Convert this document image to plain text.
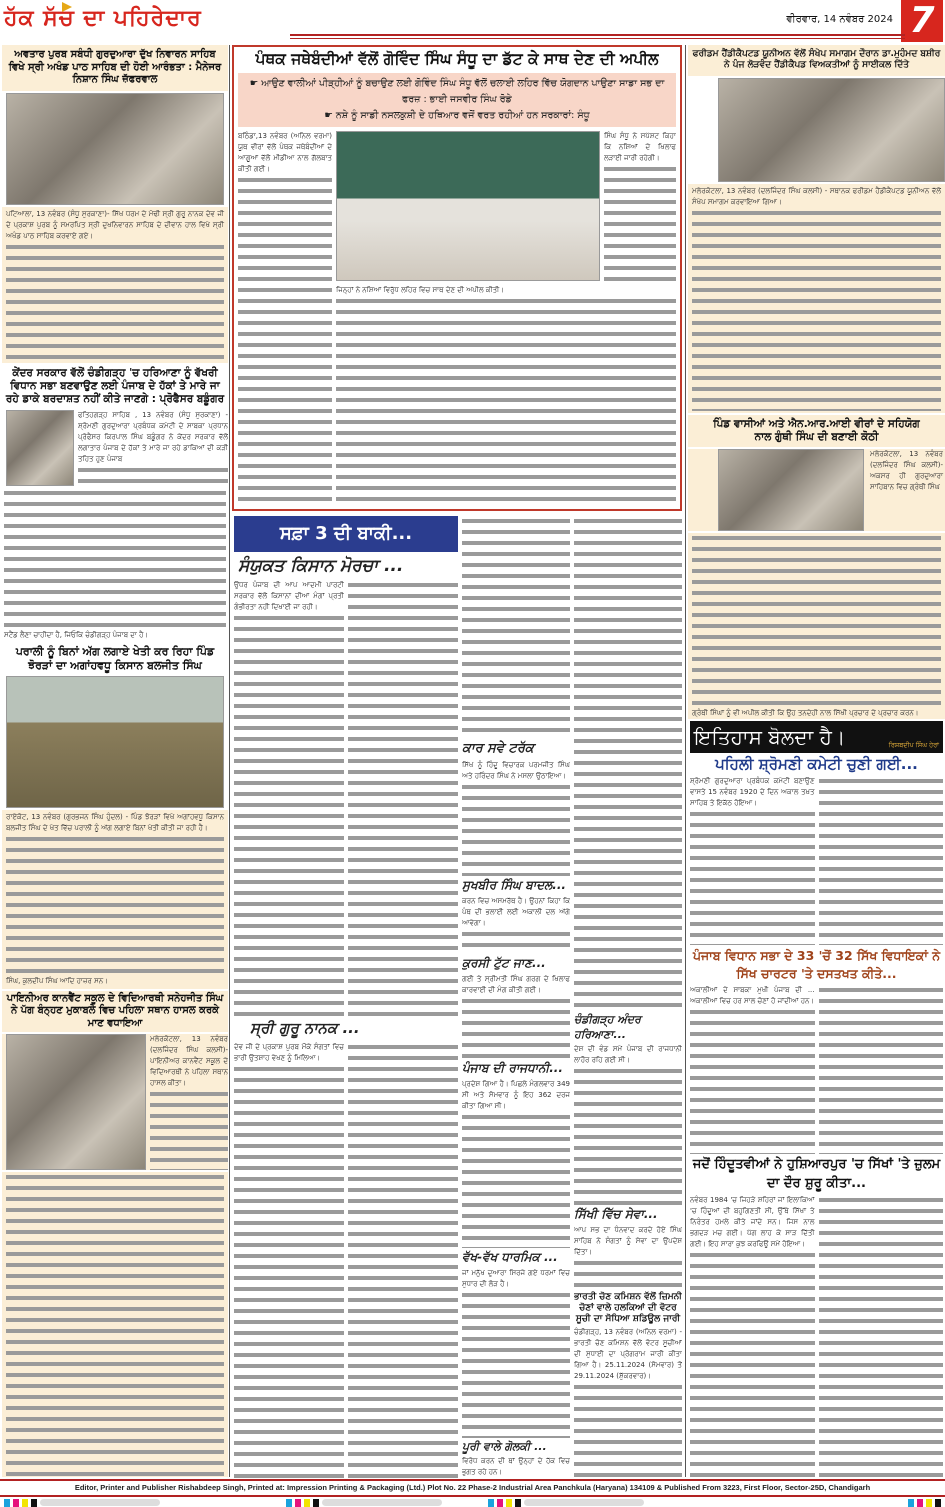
ਹੱਕ ਸੱਚ ਦਾ ਪਹਿਰੇਦਾਰ	ਵੀਰਵਾਰ, 14 ਨਵੰਬਰ 2024 7
ਅਵਤਾਰ ਪੁਰਬ ਸਬੰਧੀ ਗੁਰਦੁਆਰਾ ਦੁੱਖ ਨਿਵਾਰਨ ਸਾਹਿਬ ਵਿਖੇ ਸ੍ਰੀ ਅਖੰਡ ਪਾਠ ਸਾਹਿਬ ਦੀ ਹੋਈ ਆਰੰਭਤਾ : ਮੈਨੇਜਰ ਨਿਸ਼ਾਨ ਸਿੰਘ ਜ਼ੱਫਰਵਾਲ

ਪਟਿਆਲਾ, 13 ਨਵੰਬਰ (ਸੰਧੂ ਸੁਰਕਾਣਾ)- ਸਿੱਖ ਧਰਮ ਦੇ ਮੋਢੀ ਸ੍ਰੀ ਗੁਰੂ ਨਾਨਕ ਦੇਵ ਜੀ ਦੇ ਪ੍ਰਕਾਸ਼ ਪੁਰਬ ਨੂੰ ਸਮਰਪਿਤ ਸ੍ਰੀ ਦੁਖਨਿਵਾਰਨ ਸਾਹਿਬ ਦੇ ਦੀਵਾਨ ਹਾਲ ਵਿਖੇ ਸ੍ਰੀ ਅਖੰਡ ਪਾਠ ਸਾਹਿਬ ਕਰਵਾਏ ਗਏ।

ਕੇਂਦਰ ਸਰਕਾਰ ਵੱਲੋਂ ਚੰਡੀਗੜ੍ਹ 'ਚ ਹਰਿਆਣਾ ਨੂੰ ਵੱਖਰੀ ਵਿਧਾਨ ਸਭਾ ਬਣਵਾਉਣ ਲਈ ਪੰਜਾਬ ਦੇ ਹੱਕਾਂ ਤੇ ਮਾਰੇ ਜਾ ਰਹੇ ਡਾਕੇ ਬਰਦਾਸ਼ਤ ਨਹੀਂ ਕੀਤੇ ਜਾਣਗੇ : ਪ੍ਰੋਫੈਸਰ ਬਡੂੰਗਰ

ਫਤਿਹਗੜ੍ਹ ਸਾਹਿਬ , 13 ਨਵੰਬਰ (ਸੰਧੂ ਸੁਰਕਾਣਾ) - ਸ਼੍ਰੋਮਣੀ ਗੁਰਦੁਆਰਾ ਪ੍ਰਬੰਧਕ ਕਮੇਟੀ ਦੇ ਸਾਬਕਾ ਪ੍ਰਧਾਨ ਪ੍ਰੋਫੈਸਰ ਕਿਰਪਾਲ ਸਿੰਘ ਬਡੂੰਗਰ ਨੇ ਕੇਂਦਰ ਸਰਕਾਰ ਵੱਲੋਂ ਲਗਾਤਾਰ ਪੰਜਾਬ ਦੇ ਹੱਕਾਂ ਤੇ ਮਾਰੇ ਜਾ ਰਹੇ ਡਾਕਿਆਂ ਦੀ ਕੜੀ ਤਹਿਤ ਹੁਣ ਪੰਜਾਬ

ਸਟੈਂਡ ਲੈਣਾ ਚਾਹੀਦਾ ਹੈ, ਜਿਓਕਿ ਚੰਡੀਗੜ੍ਹ ਪੰਜਾਬ ਦਾ ਹੈ।

ਪਰਾਲੀ ਨੂੰ ਬਿਨਾਂ ਅੱਗ ਲਗਾਏ ਖੇਤੀ ਕਰ ਰਿਹਾ ਪਿੰਡ ਝੋਰੜਾਂ ਦਾ ਅਗਾਂਹਵਧੂ ਕਿਸਾਨ ਬਲਜੀਤ ਸਿੰਘ

ਰਾਏਕੋਟ, 13 ਨਵੰਬਰ (ਗੁਰਭਜਨ ਸਿੰਘ ਹੁੰਦਲ) - ਪਿੰਡ ਝੋਰੜਾਂ ਵਿਖੇ ਅਗਾਂਹਵਧੂ ਕਿਸਾਨ ਬਲਜੀਤ ਸਿੰਘ ਦੇ ਖੇਤ ਵਿੱਚ ਪਰਾਲੀ ਨੂੰ ਅੱਗ ਲਗਾਏ ਬਿਨਾਂ ਖੇਤੀ ਕੀਤੀ ਜਾ ਰਹੀ ਹੈ।

ਸਿੰਘ, ਕੁਲਦੀਪ ਸਿੰਘ ਆਦਿ ਹਾਜ਼ਰ ਸਨ।

ਪਾਇਨੀਅਰ ਕਾਨਵੈਂਟ ਸਕੂਲ ਦੇ ਵਿਦਿਆਰਥੀ ਸਨੇਹਜੀਤ ਸਿੰਘ ਨੇ ਪੱਗ ਬੰਨ੍ਹਣ ਮੁਕਾਬਲੇ ਵਿਚ ਪਹਿਲਾ ਸਥਾਨ ਹਾਸਲ ਕਰਕੇ ਮਾਣ ਵਧਾਇਆ

ਮਲੇਰਕੋਟਲਾ, 13 ਨਵੰਬਰ (ਦਲਜਿੰਦਰ ਸਿੰਘ ਕਲਸੀ)- ਪਾਇਨੀਅਰ ਕਾਨਵੈਂਟ ਸਕੂਲ ਦੇ ਵਿਦਿਆਰਥੀ ਨੇ ਪਹਿਲਾ ਸਥਾਨ ਹਾਸਲ ਕੀਤਾ।

ਪੰਥਕ ਜਥੇਬੰਦੀਆਂ ਵੱਲੋਂ ਗੋਵਿੰਦ ਸਿੰਘ ਸੰਧੂ ਦਾ ਡੱਟ ਕੇ ਸਾਥ ਦੇਣ ਦੀ ਅਪੀਲ
☛ ਆਉਣ ਵਾਲੀਆਂ ਪੀੜ੍ਹੀਆਂ ਨੂੰ ਬਚਾਉਣ ਲਈ ਗੋਵਿੰਦ ਸਿੰਘ ਸੰਧੂ ਵੱਲੋਂ ਚਲਾਈ ਲਹਿਰ ਵਿੱਚ ਯੋਗਦਾਨ ਪਾਉਣਾ ਸਾਡਾ ਸਭ ਦਾ ਫਰਜ਼ : ਭਾਈ ਜਸਵੀਰ ਸਿੰਘ ਰੋਡੇ
☛ ਨਸ਼ੇ ਨੂੰ ਸਾਡੀ ਨਸਲਕੁਸ਼ੀ ਦੇ ਹਥਿਆਰ ਵਜੋਂ ਵਰਤ ਰਹੀਆਂ ਹਨ ਸਰਕਾਰਾਂ: ਸੰਧੂ

ਬਠਿੰਡਾ,13 ਨਵੰਬਰ (ਅਨਿਲ ਵਰਮਾ) ਯੂਥ ਵੀਰਾਂ ਵੱਲੋਂ ਪੰਥਕ ਜਥੇਬੰਦੀਆਂ ਦੇ ਆਗੂਆਂ ਵੱਲੋਂ ਮੀਡੀਆ ਨਾਲ ਗੱਲਬਾਤ ਕੀਤੀ ਗਈ।

ਸਿੰਘ ਸੰਧੂ ਨੇ ਸਪੱਸ਼ਟ ਕਿਹਾ ਕਿ ਨਸ਼ਿਆਂ ਦੇ ਖਿਲਾਫ ਲੜਾਈ ਜਾਰੀ ਰਹੇਗੀ।

ਜਿਨ੍ਹਾਂ ਨੇ ਨਸ਼ਿਆਂ ਵਿਰੁੱਧ ਲਹਿਰ ਵਿਚ ਸਾਥ ਦੇਣ ਦੀ ਅਪੀਲ ਕੀਤੀ।

ਸਫ਼ਾ 3 ਦੀ ਬਾਕੀ...
ਸੰਯੁਕਤ ਕਿਸਾਨ ਮੋਰਚਾ ...

ਉਧਰ ਪੰਜਾਬ ਦੀ ਆਪ ਆਦਮੀ ਪਾਰਟੀ ਸਰਕਾਰ ਵੱਲੋਂ ਕਿਸਾਨਾਂ ਦੀਆਂ ਮੰਗਾਂ ਪ੍ਰਤੀ ਗੰਭੀਰਤਾ ਨਹੀਂ ਦਿਖਾਈ ਜਾ ਰਹੀ।

ਸ੍ਰੀ ਗੁਰੂ ਨਾਨਕ ...

ਦੇਵ ਜੀ ਦੇ ਪ੍ਰਕਾਸ਼ ਪੁਰਬ ਮੌਕੇ ਸੰਗਤਾਂ ਵਿਚ ਭਾਰੀ ਉਤਸ਼ਾਹ ਵੇਖਣ ਨੂੰ ਮਿਲਿਆ।

ਕਾਰ ਸਵੇ ਟਰੱਕ

ਸਿੱਖ ਨੂੰ ਹਿੰਦੂ ਵਿਚਾਰਕ ਪਰਮਜੀਤ ਸਿੰਘ ਅਤੇ ਹਰਿੰਦਰ ਸਿੰਘ ਨੇ ਮਸਲਾ ਉਠਾਇਆ।

ਸੁਖਬੀਰ ਸਿੰਘ ਬਾਦਲ...

ਕਰਨ ਵਿਚ ਅਸਮਰੱਥ ਹੈ। ਉਹਨਾਂ ਕਿਹਾ ਕਿ ਪੰਥ ਦੀ ਭਲਾਈ ਲਈ ਅਕਾਲੀ ਦਲ ਅੱਗੇ ਆਵੇਗਾ।

ਕੁਰਸੀ ਟੁੱਟ ਜਾਣ...

ਗਈ ਤੇ ਸ੍ਰੀਮਤੀ ਸਿੰਘ ਗਰਗ ਦੇ ਖਿਲਾਫ ਕਾਰਵਾਈ ਦੀ ਮੰਗ ਕੀਤੀ ਗਈ।

ਪੰਜਾਬ ਦੀ ਰਾਜਧਾਨੀ...

ਪ੍ਰਦੇਸ਼ ਗਿਆ ਹੈ। ਪਿਛਲੇ ਮੰਗਲਵਾਰ 349 ਸੀ ਅਤੇ ਸੋਮਵਾਰ ਨੂੰ ਇਹ 362 ਦਰਜ ਕੀਤਾ ਗਿਆ ਸੀ।

ਵੱਖ-ਵੱਖ ਧਾਰਮਿਕ ...

ਜਾਂ ਮਨੁੱਖ ਦੁਆਰਾ ਸਿਰਜੇ ਗਏ ਧਰਮਾਂ ਵਿਚ ਸੁਧਾਰ ਦੀ ਲੋੜ ਹੈ।

ਪੂਰੀ ਵਾਲੇ ਗੋਲਕੀ ...

ਵਿਰੋਧ ਕਰਨ ਦੀ ਥਾਂ ਉਨ੍ਹਾਂ ਦੇ ਹੱਕ ਵਿਚ ਭੁਗਤ ਰਹੇ ਹਨ।

ਚੰਡੀਗੜ੍ਹ ਅੰਦਰ ਹਰਿਆਣਾ...

ਦੇਸ਼ ਦੀ ਵੰਡ ਸਮੇਂ ਪੰਜਾਬ ਦੀ ਰਾਜਧਾਨੀ ਲਾਹੌਰ ਰਹਿ ਗਈ ਸੀ।

ਸਿੱਖੀ ਵਿੱਚ ਸੇਵਾ...

ਆਪ ਸਭ ਦਾ ਧੰਨਵਾਦ ਕਰਦੇ ਹੋਏ ਸਿੰਘ ਸਾਹਿਬ ਨੇ ਸੰਗਤਾਂ ਨੂੰ ਸੇਵਾ ਦਾ ਉਪਦੇਸ਼ ਦਿੱਤਾ।

ਭਾਰਤੀ ਚੋਣ ਕਮਿਸ਼ਨ ਵੱਲੋਂ ਜ਼ਿਮਨੀ ਚੋਣਾਂ ਵਾਲੇ ਹਲਕਿਆਂ ਦੀ ਵੋਟਰ ਸੂਚੀ ਦਾ ਸੋਧਿਆ ਸ਼ਡਿਊਲ ਜਾਰੀ

ਚੰਡੀਗੜ੍ਹ, 13 ਨਵੰਬਰ (ਅਨਿਲ ਵਰਮਾ) - ਭਾਰਤੀ ਚੋਣ ਕਮਿਸ਼ਨ ਵੱਲੋਂ ਵੋਟਰ ਸੂਚੀਆਂ ਦੀ ਸੁਧਾਈ ਦਾ ਪ੍ਰੋਗਰਾਮ ਜਾਰੀ ਕੀਤਾ ਗਿਆ ਹੈ। 25.11.2024 (ਸੋਮਵਾਰ) ਤੋਂ 29.11.2024 (ਸ਼ੁੱਕਰਵਾਰ)।

ਫਰੀਡਮ ਹੈਂਡੀਕੈਪਟਡ ਯੂਨੀਅਨ ਵੱਲੋਂ ਸੰਖੇਪ ਸਮਾਗਮ ਦੌਰਾਨ ਡਾ.ਮੁਹੰਮਦ ਬਸ਼ੀਰ ਨੇ ਪੰਜ ਲੋੜਵੰਦ ਹੈਂਡੀਕੈਪਡ ਵਿਅਕਤੀਆਂ ਨੂੰ ਸਾਈਕਲ ਦਿੱਤੇ

ਮਲੇਰਕੋਟਲਾ, 13 ਨਵੰਬਰ (ਦਲਜਿੰਦਰ ਸਿੰਘ ਕਲਸੀ) - ਸਥਾਨਕ ਫਰੀਡਮ ਹੈਂਡੀਕੈਪਟਡ ਯੂਨੀਅਨ ਵੱਲੋਂ ਸੰਖੇਪ ਸਮਾਗਮ ਕਰਵਾਇਆ ਗਿਆ।

ਪਿੰਡ ਵਾਸੀਆਂ ਅਤੇ ਐਨ.ਆਰ.ਆਈ ਵੀਰਾਂ ਦੇ ਸਹਿਯੋਗ ਨਾਲ ਗੁੰਥੀ ਸਿੰਘ ਦੀ ਬਣਾਈ ਕੋਠੀ

ਮਲੇਰਕੋਟਲਾ, 13 ਨਵੰਬਰ (ਦਲਜਿੰਦਰ ਸਿੰਘ ਕਲਸੀ)- ਅਕਸਰ ਹੀ ਗੁਰਦੁਆਰਾ ਸਾਹਿਬਾਨ ਵਿਚ ਗ੍ਰੰਥੀ ਸਿੰਘ

ਗ੍ਰੰਥੀ ਸਿੰਘਾਂ ਨੂੰ ਵੀ ਅਪੀਲ ਕੀਤੀ ਕਿ ਉਹ ਤਨਦੇਹੀ ਨਾਲ ਸਿੱਖੀ ਪ੍ਰਚਾਰ ਦੇ ਪ੍ਰਚਾਰ ਕਰਨ।

ਇਤਿਹਾਸ ਬੋਲਦਾ ਹੈ।	ਰਿਸ਼ਬਦੀਪ ਸਿੰਘ ਹੇਰਾਂ
ਪਹਿਲੀ ਸ਼੍ਰੋਮਣੀ ਕਮੇਟੀ ਚੁਣੀ ਗਈ...

ਸ਼੍ਰੋਮਣੀ ਗੁਰਦੁਆਰਾ ਪ੍ਰਬੰਧਕ ਕਮੇਟੀ ਬਣਾਉਣ ਵਾਸਤੇ 15 ਨਵੰਬਰ 1920 ਦੇ ਦਿਨ ਅਕਾਲ ਤਖ਼ਤ ਸਾਹਿਬ ਤੇ ਇਕੱਠ ਹੋਇਆ।

ਪੰਜਾਬ ਵਿਧਾਨ ਸਭਾ ਦੇ 33 'ਚੋਂ 32 ਸਿੱਖ ਵਿਧਾਇਕਾਂ ਨੇ ਸਿੱਖ ਚਾਰਟਰ 'ਤੇ ਦਸਤਖਤ ਕੀਤੇ...

ਅਕਾਲੀਆਂ ਦੇ ਸਾਬਕਾ ਮੁਖੀ ਪੰਜਾਬ ਦੀ ... ਅਕਾਲੀਆਂ ਵਿਚ ਹਰ ਸਾਲ ਚੋਣਾਂ ਹੋ ਜਾਂਦੀਆਂ ਹਨ।

ਜਦੋਂ ਹਿੰਦੂਤਵੀਆਂ ਨੇ ਹੁਸ਼ਿਆਰਪੁਰ 'ਚ ਸਿੱਖਾਂ 'ਤੇ ਜ਼ੁਲਮ ਦਾ ਦੌਰ ਸ਼ੁਰੂ ਕੀਤਾ...

ਨਵੰਬਰ 1984 'ਚ ਜਿਹੜੇ ਸ਼ਹਿਰਾਂ ਜਾਂ ਇਲਾਕਿਆਂ 'ਚ ਹਿੰਦੂਆਂ ਦੀ ਬਹੁਗਿਣਤੀ ਸੀ, ਉੱਥੇ ਸਿੱਖਾਂ ਤੇ ਨਿਰੰਤਰ ਹਮਲੇ ਕੀਤੇ ਜਾਂਦੇ ਸਨ। ਜਿਸ ਨਾਲ ਭਗਦੜ ਮਚ ਗਈ। ਪੱਗ ਲਾਹ ਕੇ ਸਾੜ ਦਿੱਤੀ ਗਈ। ਇਹ ਸਾਰਾ ਕੁਝ ਕਰਫਿਊ ਸਮੇਂ ਹੋਇਆ।

Editor, Printer and Publisher Rishabdeep Singh, Printed at: Impression Printing & Packaging (Ltd.) Plot No. 22 Phase-2 Industrial Area Panchkula (Haryana) 134109 & Published From 3223, First Floor, Sector-25D, Chandigarh
